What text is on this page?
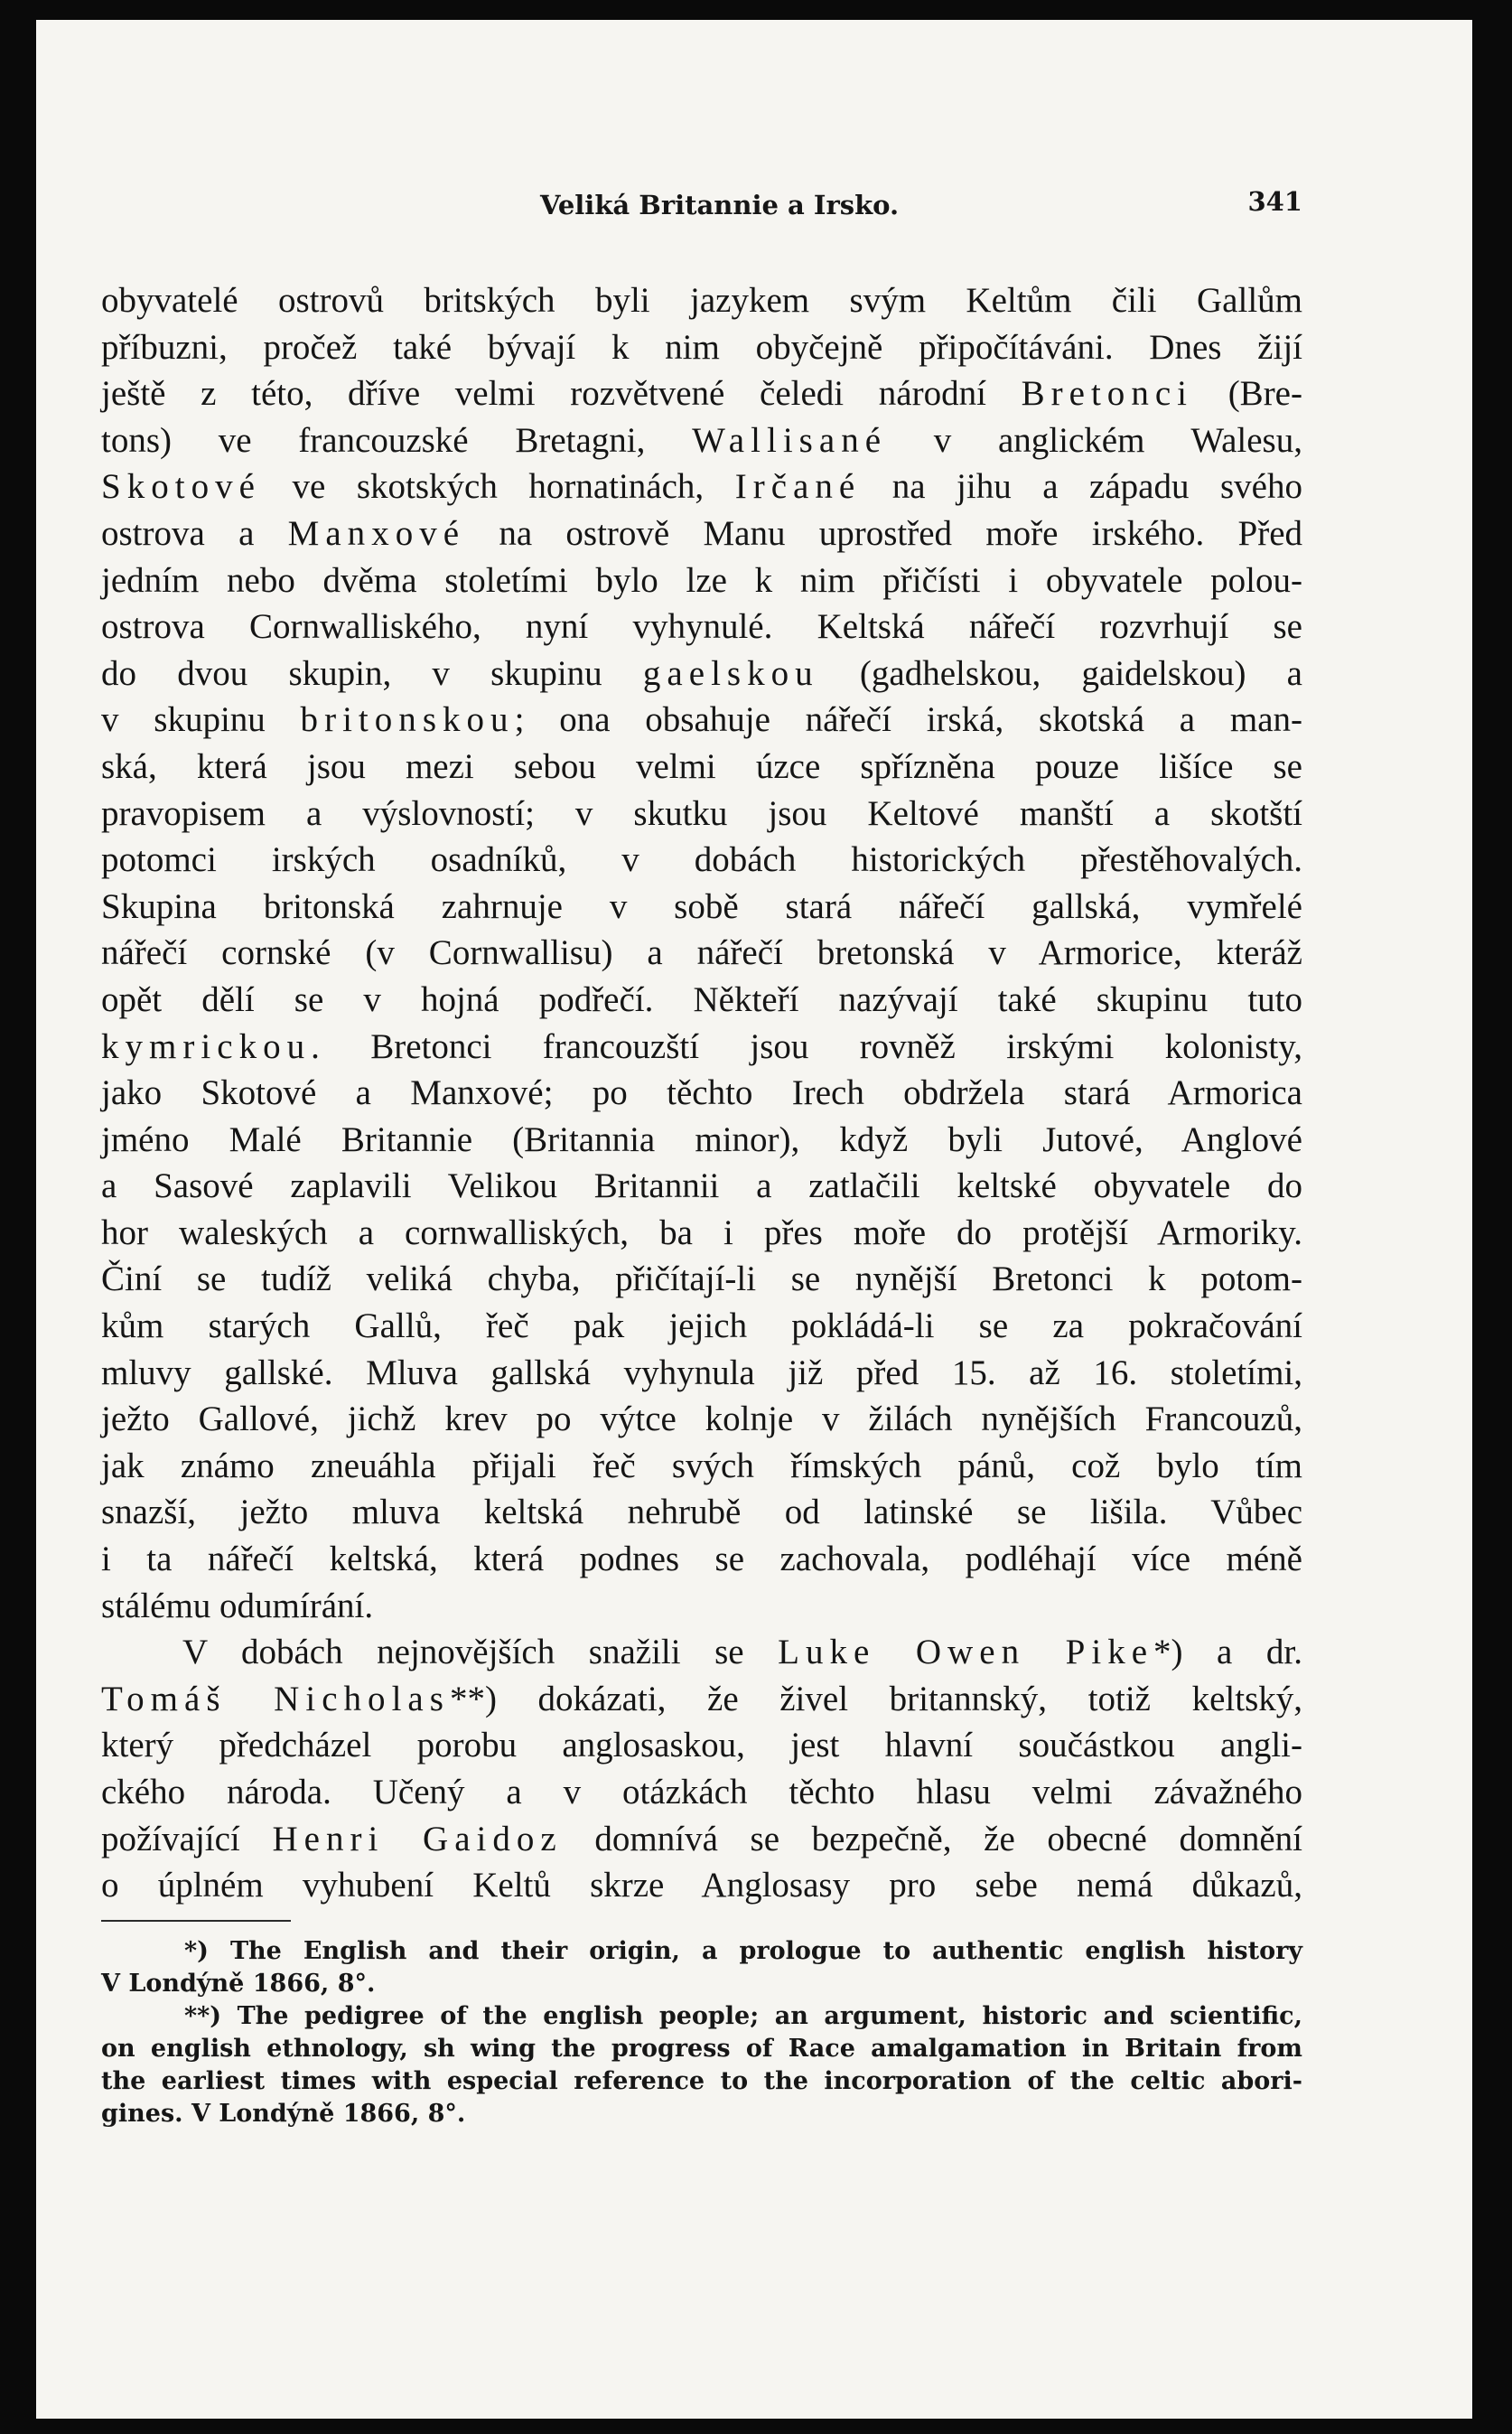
Veliká Britannie a Irsko.	341

obyvatelé ostrovů britských byli jazykem svým Keltům čili Gallům
příbuzni, pročež také bývají k nim obyčejně připočítáváni. Dnes žijí
ještě z této, dříve velmi rozvětvené čeledi národní Bretonci (Bre-
tons) ve francouzské Bretagni, Wallisané v anglickém Walesu,
Skotové ve skotských hornatinách, Irčané na jihu a západu svého
ostrova a Manxové na ostrově Manu uprostřed moře irského. Před
jedním nebo dvěma stoletími bylo lze k nim přičísti i obyvatele polou-
ostrova Cornwalliského, nyní vyhynulé. Keltská nářečí rozvrhují se
do dvou skupin, v skupinu gaelskou (gadhelskou, gaidelskou) a
v skupinu britonskou; ona obsahuje nářečí irská, skotská a man-
ská, která jsou mezi sebou velmi úzce spřízněna pouze lišíce se
pravopisem a výslovností; v skutku jsou Keltové manští a skotští
potomci irských osadníků, v dobách historických přestěhovalých.
Skupina britonská zahrnuje v sobě stará nářečí gallská, vymřelé
nářečí cornské (v Cornwallisu) a nářečí bretonská v Armorice, kteráž
opět dělí se v hojná podřečí. Někteří nazývají také skupinu tuto
kymrickou. Bretonci francouzští jsou rovněž irskými kolonisty,
jako Skotové a Manxové; po těchto Irech obdržela stará Armorica
jméno Malé Britannie (Britannia minor), když byli Jutové, Anglové
a Sasové zaplavili Velikou Britannii a zatlačili keltské obyvatele do
hor waleských a cornwalliských, ba i přes moře do protější Armoriky.
Činí se tudíž veliká chyba, přičítají-li se nynější Bretonci k potom-
kům starých Gallů, řeč pak jejich pokládá-li se za pokračování
mluvy gallské. Mluva gallská vyhynula již před 15. až 16. stoletími,
ježto Gallové, jichž krev po výtce kolnje v žilách nynějších Francouzů,
jak známo zneuáhla přijali řeč svých římských pánů, což bylo tím
snazší, ježto mluva keltská nehrubě od latinské se lišila. Vůbec
i ta nářečí keltská, která podnes se zachovala, podléhají více méně
stálému odumírání.

V dobách nejnovějších snažili se Luke Owen Pike*) a dr.
Tomáš Nicholas**) dokázati, že živel britannský, totiž keltský,
který předcházel porobu anglosaskou, jest hlavní součástkou angli-
ckého národa. Učený a v otázkách těchto hlasu velmi závažného
požívající Henri Gaidoz domnívá se bezpečně, že obecné domnění
o úplném vyhubení Keltů skrze Anglosasy pro sebe nemá důkazů,

*) The English and their origin, a prologue to authentic english history
V Londýně 1866, 8°.
**) The pedigree of the english people; an argument, historic and scientific,
on english ethnology, sh wing the progress of Race amalgamation in Britain from
the earliest times with especial reference to the incorporation of the celtic abori-
gines. V Londýně 1866, 8°.
